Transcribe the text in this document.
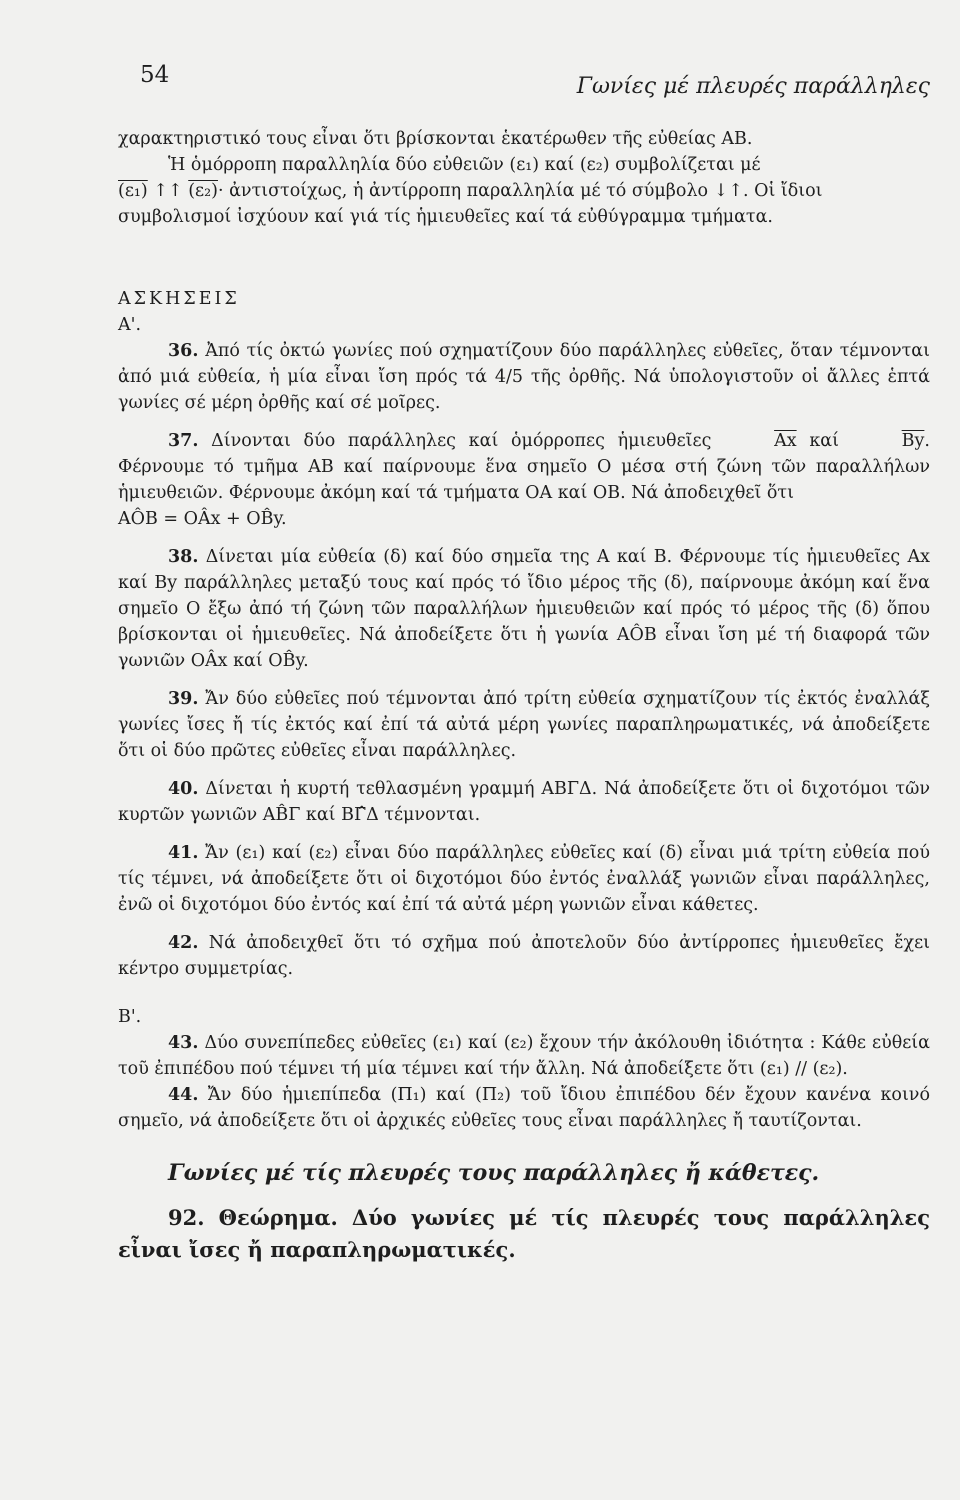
54	Γωνίες μέ πλευρές παράλληλες

χαρακτηριστικό τους εἶναι ὅτι βρίσκονται ἑκατέρωθεν τῆς εὐθείας ΑΒ.

Ἡ ὁμόρροπη παραλληλία δύο εὐθειῶν (ε₁) καί (ε₂) συμβολίζεται μέ

(ε₁) ↑↑ (ε₂)· ἀντιστοίχως, ἡ ἀντίρροπη παραλληλία μέ τό σύμβολο ↓↑. Οἱ ἴδιοι

συμβολισμοί ἰσχύουν καί γιά τίς ἡμιευθεῖες καί τά εὐθύγραμμα τμήματα.

ΑΣΚΗΣΕΙΣ

Α'.

36. Ἀπό τίς ὀκτώ γωνίες πού σχηματίζουν δύο παράλληλες εὐθεῖες, ὅταν τέμνονται ἀπό μιά εὐθεία, ἡ μία εἶναι ἴση πρός τά 4/5 τῆς ὀρθῆς. Νά ὑπολογιστοῦν οἱ ἄλλες ἑπτά γωνίες σέ μέρη ὀρθῆς καί σέ μοῖρες.

37. Δίνονται δύο παράλληλες καί ὁμόρροπες ἡμιευθεῖες	$\overline{Ax}$ καί	$\overline{By}$. Φέρνουμε τό τμῆμα ΑΒ καί παίρνουμε ἕνα σημεῖο Ο μέσα στή ζώνη τῶν παραλλήλων ἡμιευθειῶν. Φέρνουμε ἀκόμη καί τά τμήματα ΟΑ καί ΟΒ. Νά ἀποδειχθεῖ ὅτι

ΑÔΒ = ΟÂx + ΟB̂y.

38. Δίνεται μία εὐθεία (δ) καί δύο σημεῖα της Α καί Β. Φέρνουμε τίς ἡμιευθεῖες Αx καί Βy παράλληλες μεταξύ τους καί πρός τό ἴδιο μέρος τῆς (δ), παίρνουμε ἀκόμη καί ἕνα σημεῖο Ο ἔξω ἀπό τή ζώνη τῶν παραλλήλων ἡμιευθειῶν καί πρός τό μέρος τῆς (δ) ὅπου βρίσκονται οἱ ἡμιευθεῖες. Νά ἀποδείξετε ὅτι ἡ γωνία ΑÔΒ εἶναι ἴση μέ τή διαφορά τῶν γωνιῶν ΟÂx καί ΟB̂y.

39. Ἄν δύο εὐθεῖες πού τέμνονται ἀπό τρίτη εὐθεία σχηματίζουν τίς ἐκτός ἐναλλάξ γωνίες ἴσες ἤ τίς ἐκτός καί ἐπί τά αὐτά μέρη γωνίες παραπληρωματικές, νά ἀποδείξετε ὅτι οἱ δύο πρῶτες εὐθεῖες εἶναι παράλληλες.

40. Δίνεται ἡ κυρτή τεθλασμένη γραμμή ΑΒΓΔ. Νά ἀποδείξετε ὅτι οἱ διχοτόμοι τῶν κυρτῶν γωνιῶν ΑB̂Γ καί ΒΓ̂Δ τέμνονται.

41. Ἄν (ε₁) καί (ε₂) εἶναι δύο παράλληλες εὐθεῖες καί (δ) εἶναι μιά τρίτη εὐθεία πού τίς τέμνει, νά ἀποδείξετε ὅτι οἱ διχοτόμοι δύο ἐντός ἐναλλάξ γωνιῶν εἶναι παράλληλες, ἐνῶ οἱ διχοτόμοι δύο ἐντός καί ἐπί τά αὐτά μέρη γωνιῶν εἶναι κάθετες.

42. Νά ἀποδειχθεῖ ὅτι τό σχῆμα πού ἀποτελοῦν δύο ἀντίρροπες ἡμιευθεῖες ἔχει κέντρο συμμετρίας.

Β'.

43. Δύο συνεπίπεδες εὐθεῖες (ε₁) καί (ε₂) ἔχουν τήν ἀκόλουθη ἰδιότητα : Κάθε εὐθεία τοῦ ἐπιπέδου πού τέμνει τή μία τέμνει καί τήν ἄλλη. Νά ἀποδείξετε ὅτι (ε₁) // (ε₂).

44. Ἄν δύο ἡμιεπίπεδα (Π₁) καί (Π₂) τοῦ ἴδιου ἐπιπέδου δέν ἔχουν κανένα κοινό σημεῖο, νά ἀποδείξετε ὅτι οἱ ἀρχικές εὐθεῖες τους εἶναι παράλληλες ἤ ταυτίζονται.

Γωνίες μέ τίς πλευρές τους παράλληλες ἤ κάθετες.

92. Θεώρημα. Δύο γωνίες μέ τίς πλευρές τους παράλληλες εἶναι ἴσες ἤ παραπληρωματικές.
